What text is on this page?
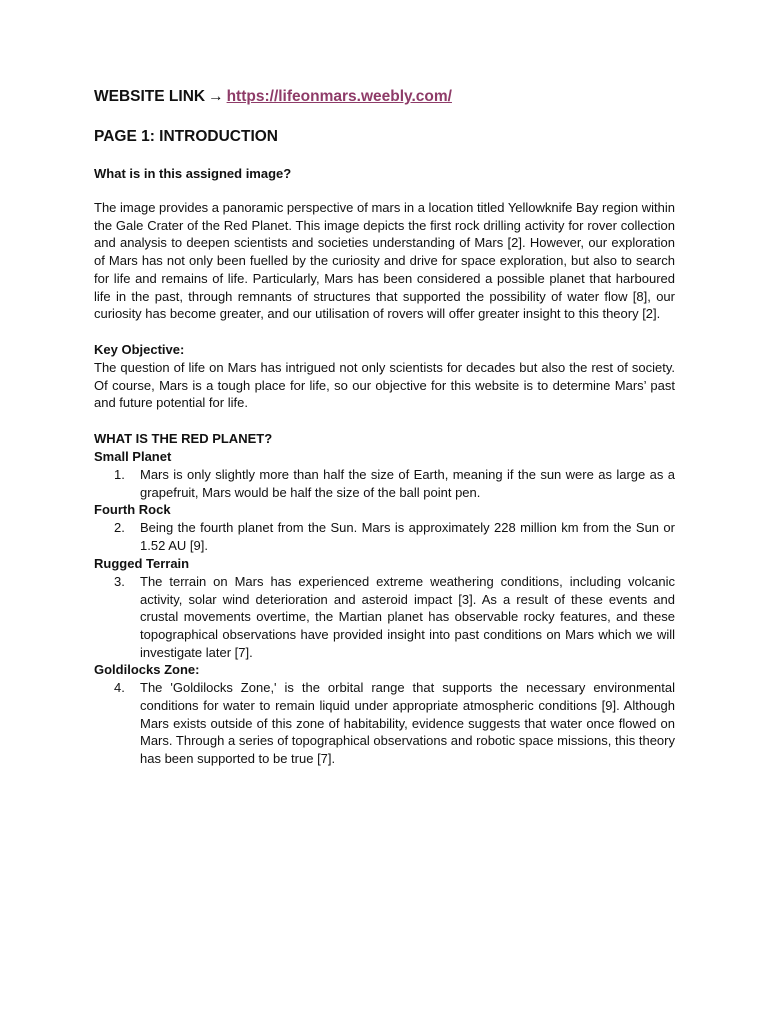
WEBSITE LINK → https://lifeonmars.weebly.com/
PAGE 1: INTRODUCTION
What is in this assigned image?

The image provides a panoramic perspective of mars in a location titled Yellowknife Bay region within the Gale Crater of the Red Planet. This image depicts the first rock drilling activity for rover collection and analysis to deepen scientists and societies understanding of Mars [2]. However, our exploration of Mars has not only been fuelled by the curiosity and drive for space exploration, but also to search for life and remains of life. Particularly, Mars has been considered a possible planet that harboured life in the past, through remnants of structures that supported the possibility of water flow [8], our curiosity has become greater, and our utilisation of rovers will offer greater insight to this theory [2].

Key Objective:

The question of life on Mars has intrigued not only scientists for decades but also the rest of society. Of course, Mars is a tough place for life, so our objective for this website is to determine Mars’ past and future potential for life.

WHAT IS THE RED PLANET?
Small Planet
1.	Mars is only slightly more than half the size of Earth, meaning if the sun were as large as a grapefruit, Mars would be half the size of the ball point pen.
Fourth Rock
2.	Being the fourth planet from the Sun. Mars is approximately 228 million km from the Sun or 1.52 AU [9].
Rugged Terrain
3.	The terrain on Mars has experienced extreme weathering conditions, including volcanic activity, solar wind deterioration and asteroid impact [3]. As a result of these events and crustal movements overtime, the Martian planet has observable rocky features, and these topographical observations have provided insight into past conditions on Mars which we will investigate later [7].
Goldilocks Zone:
4.	The 'Goldilocks Zone,' is the orbital range that supports the necessary environmental conditions for water to remain liquid under appropriate atmospheric conditions [9]. Although Mars exists outside of this zone of habitability, evidence suggests that water once flowed on Mars. Through a series of topographical observations and robotic space missions, this theory has been supported to be true [7].
